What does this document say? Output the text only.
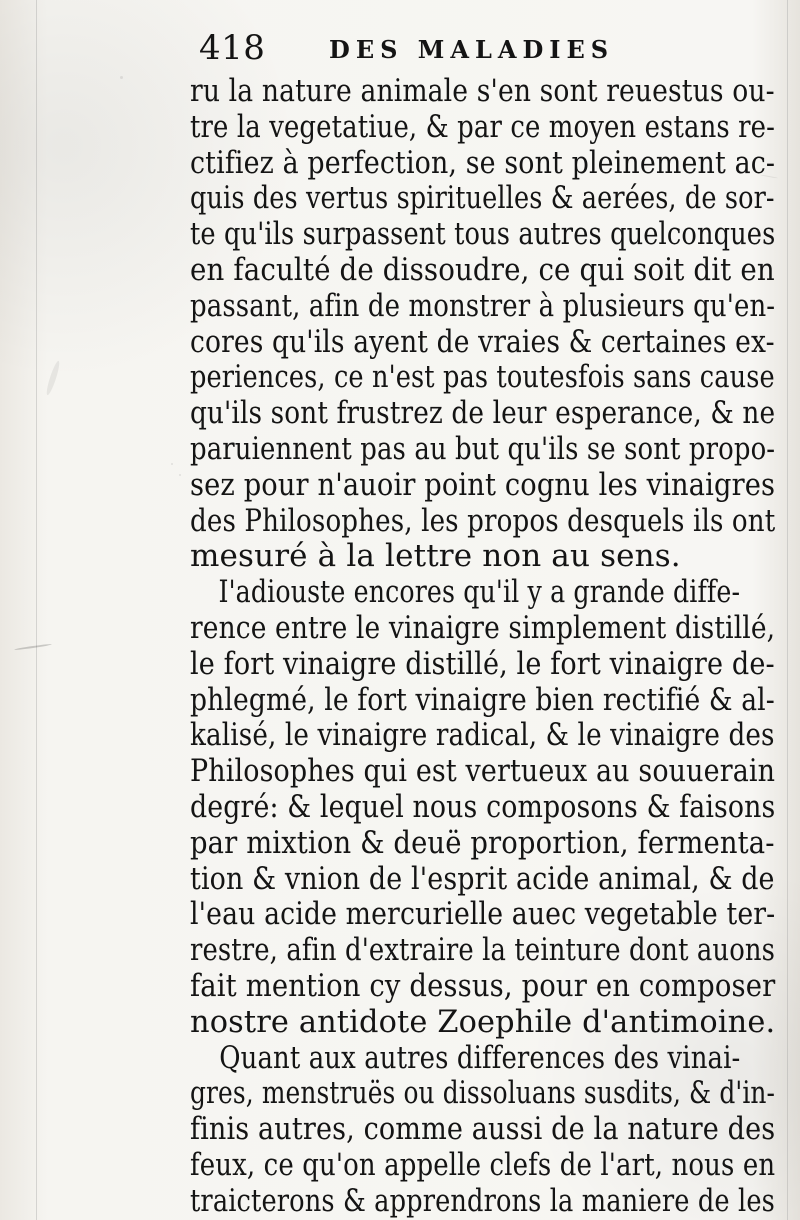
418	DES MALADIES
ru la nature animale s'en sont reuestus ou-
tre la vegetatiue, & par ce moyen estans re-
ctifiez à perfection, se sont pleinement ac-
quis des vertus spirituelles & aerées, de sor-
te qu'ils surpassent tous autres quelconques
en faculté de dissoudre, ce qui soit dit en
passant, afin de monstrer à plusieurs qu'en-
cores qu'ils ayent de vraies & certaines ex-
periences, ce n'est pas toutesfois sans cause
qu'ils sont frustrez de leur esperance, & ne
paruiennent pas au but qu'ils se sont propo-
sez pour n'auoir point cognu les vinaigres
des Philosophes, les propos desquels ils ont
mesuré à la lettre non au sens.
I'adiouste encores qu'il y a grande diffe-
rence entre le vinaigre simplement distillé,
le fort vinaigre distillé, le fort vinaigre de-
phlegmé, le fort vinaigre bien rectifié & al-
kalisé, le vinaigre radical, & le vinaigre des
Philosophes qui est vertueux au souuerain
degré: & lequel nous composons & faisons
par mixtion & deuë proportion, fermenta-
tion & vnion de l'esprit acide animal, & de
l'eau acide mercurielle auec vegetable ter-
restre, afin d'extraire la teinture dont auons
fait mention cy dessus, pour en composer
nostre antidote Zoephile d'antimoine.
Quant aux autres differences des vinai-
gres, menstruës ou dissoluans susdits, & d'in-
finis autres, comme aussi de la nature des
feux, ce qu'on appelle clefs de l'art, nous en
traicterons & apprendrons la maniere de les
